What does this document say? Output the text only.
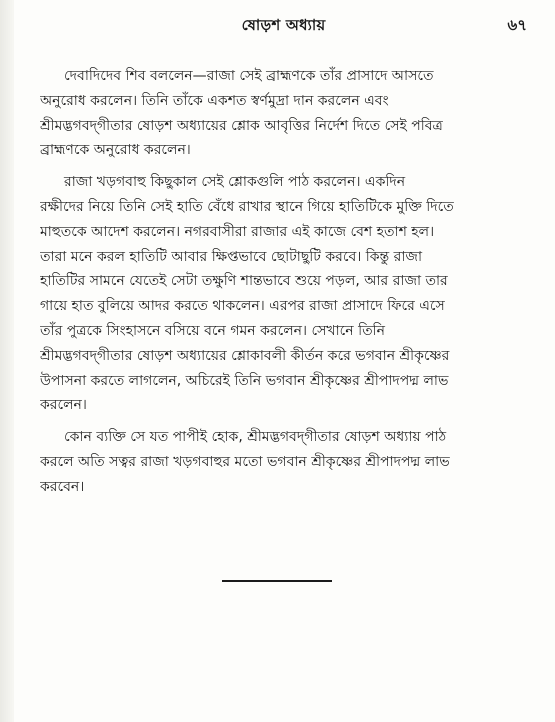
ষোড়শ অধ্যায়	৬৭
দেবাদিদেব শিব বললেন—রাজা সেই ব্রাহ্মণকে তাঁর প্রাসাদে আসতে
অনুরোধ করলেন। তিনি তাঁকে একশত স্বর্ণমুদ্রা দান করলেন এবং
শ্রীমদ্ভগবদ্‌গীতার ষোড়শ অধ্যায়ের শ্লোক আবৃত্তির নির্দেশ দিতে সেই পবিত্র
ব্রাহ্মণকে অনুরোধ করলেন।
রাজা খড়গবাহু কিছুকাল সেই শ্লোকগুলি পাঠ করলেন। একদিন
রক্ষীদের নিয়ে তিনি সেই হাতি বেঁধে রাখার স্থানে গিয়ে হাতিটিকে মুক্তি দিতে
মাহুতকে আদেশ করলেন। নগরবাসীরা রাজার এই কাজে বেশ হতাশ হল।
তারা মনে করল হাতিটি আবার ক্ষিপ্তভাবে ছোটাছুটি করবে। কিন্তু রাজা
হাতিটির সামনে যেতেই সেটা তক্ষুণি শান্তভাবে শুয়ে পড়ল, আর রাজা তার
গায়ে হাত বুলিয়ে আদর করতে থাকলেন। এরপর রাজা প্রাসাদে ফিরে এসে
তাঁর পুত্রকে সিংহাসনে বসিয়ে বনে গমন করলেন। সেখানে তিনি
শ্রীমদ্ভগবদ্‌গীতার ষোড়শ অধ্যায়ের শ্লোকাবলী কীর্তন করে ভগবান শ্রীকৃষ্ণের
উপাসনা করতে লাগলেন, অচিরেই তিনি ভগবান শ্রীকৃষ্ণের শ্রীপাদপদ্ম লাভ
করলেন।
কোন ব্যক্তি সে যত পাপীই হোক, শ্রীমদ্ভগবদ্‌গীতার ষোড়শ অধ্যায় পাঠ
করলে অতি সত্বর রাজা খড়গবাহুর মতো ভগবান শ্রীকৃষ্ণের শ্রীপাদপদ্ম লাভ
করবেন।
